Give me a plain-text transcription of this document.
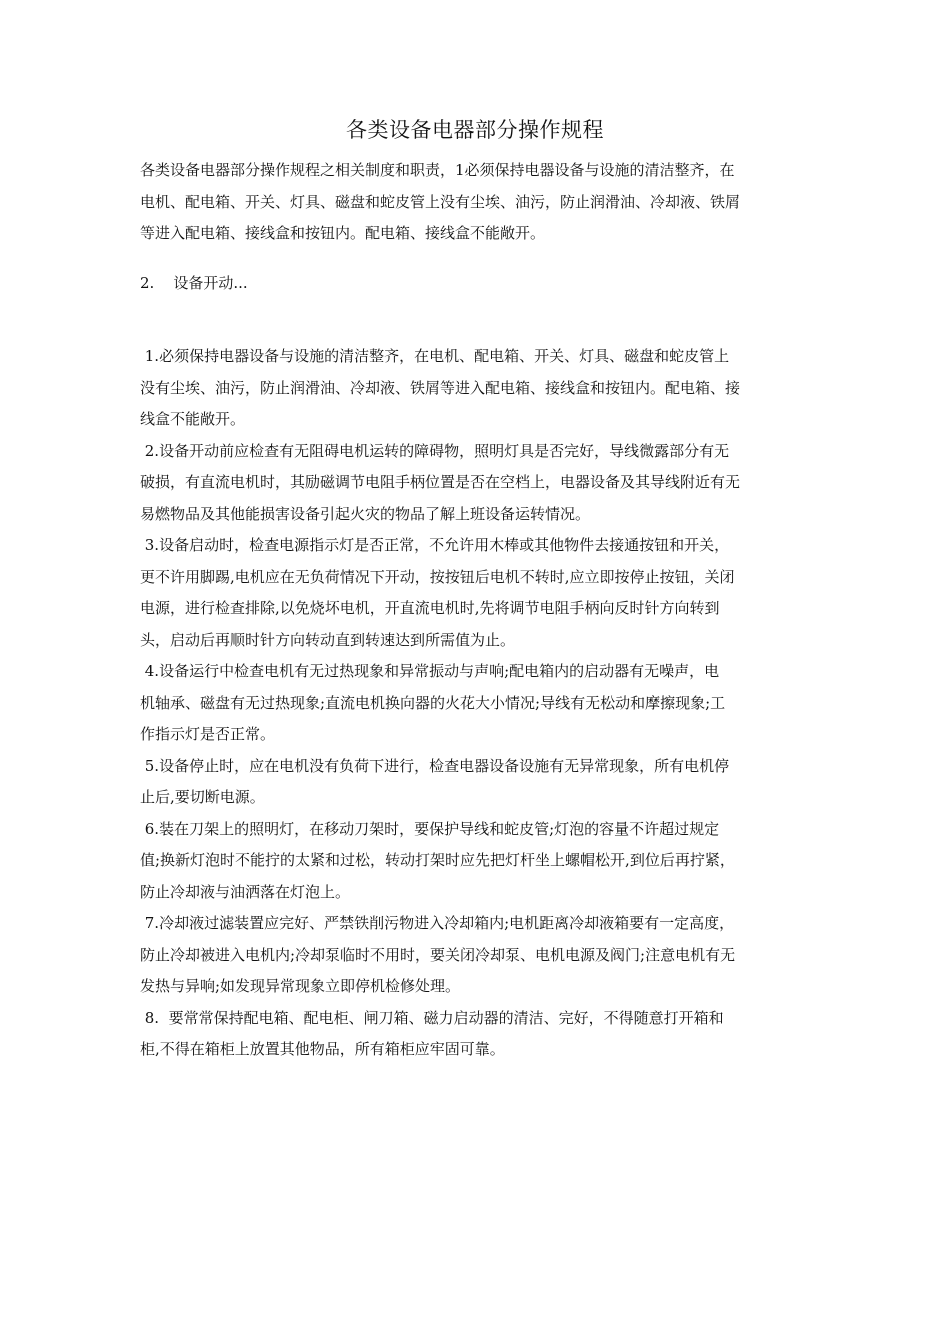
各类设备电器部分操作规程
各类设备电器部分操作规程之相关制度和职责，1必须保持电器设备与设施的清洁整齐，在
电机、配电箱、开关、灯具、磁盘和蛇皮管上没有尘埃、油污，防止润滑油、冷却液、铁屑
等进入配电箱、接线盒和按钮内。配电箱、接线盒不能敞开。
2.    设备开动...
1.必须保持电器设备与设施的清洁整齐，在电机、配电箱、开关、灯具、磁盘和蛇皮管上
没有尘埃、油污，防止润滑油、冷却液、铁屑等进入配电箱、接线盒和按钮内。配电箱、接
线盒不能敞开。
2.设备开动前应检查有无阻碍电机运转的障碍物，照明灯具是否完好，导线微露部分有无
破损，有直流电机时，其励磁调节电阻手柄位置是否在空档上，电器设备及其导线附近有无
易燃物品及其他能损害设备引起火灾的物品了解上班设备运转情况。
3.设备启动时，检查电源指示灯是否正常，不允许用木棒或其他物件去接通按钮和开关，
更不许用脚踢,电机应在无负荷情况下开动，按按钮后电机不转时,应立即按停止按钮，关闭
电源，进行检查排除,以免烧坏电机，开直流电机时,先将调节电阻手柄向反时针方向转到
头，启动后再顺时针方向转动直到转速达到所需值为止。
4.设备运行中检查电机有无过热现象和异常振动与声响;配电箱内的启动器有无噪声，电
机轴承、磁盘有无过热现象;直流电机换向器的火花大小情况;导线有无松动和摩擦现象;工
作指示灯是否正常。
5.设备停止时，应在电机没有负荷下进行，检查电器设备设施有无异常现象，所有电机停
止后,要切断电源。
6.装在刀架上的照明灯，在移动刀架时，要保护导线和蛇皮管;灯泡的容量不许超过规定
值;换新灯泡时不能拧的太紧和过松，转动打架时应先把灯杆坐上螺帽松开,到位后再拧紧，
防止冷却液与油洒落在灯泡上。
7.冷却液过滤装置应完好、严禁铁削污物进入冷却箱内;电机距离冷却液箱要有一定高度，
防止冷却被进入电机内;冷却泵临时不用时，要关闭冷却泵、电机电源及阀门;注意电机有无
发热与异响;如发现异常现象立即停机检修处理。
8.  要常常保持配电箱、配电柜、闸刀箱、磁力启动器的清洁、完好，不得随意打开箱和
柜,不得在箱柜上放置其他物品，所有箱柜应牢固可靠。
